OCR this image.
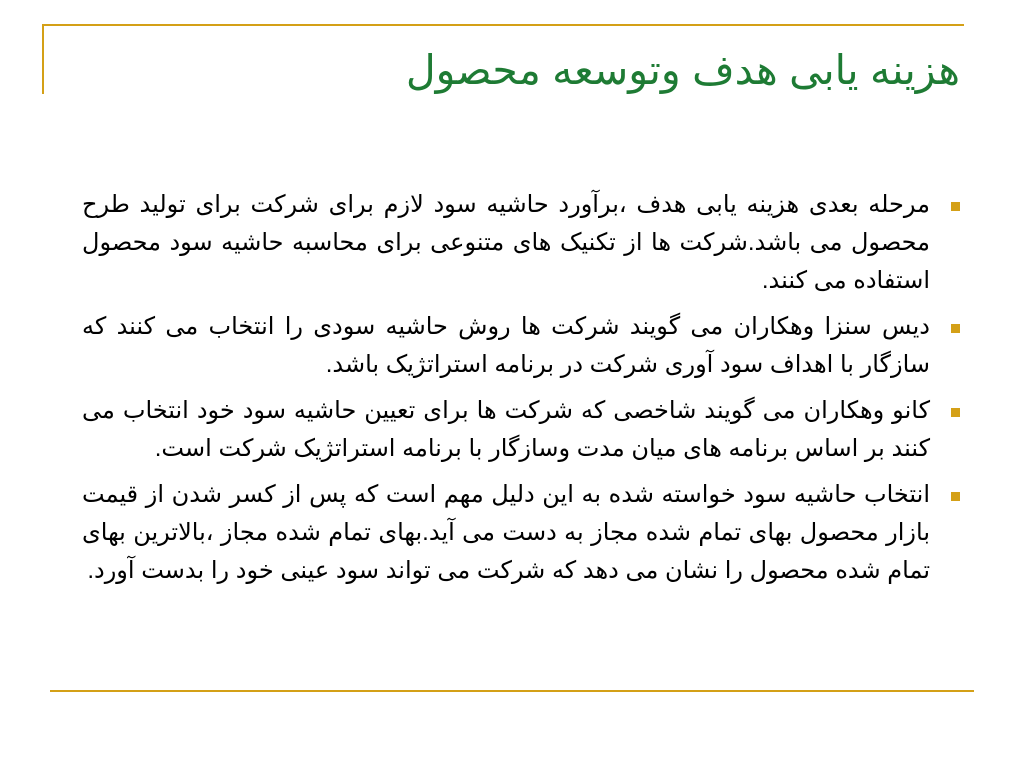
هزینه یابی هدف وتوسعه محصول
مرحله بعدی هزینه یابی هدف ،برآورد حاشیه سود لازم برای شرکت برای تولید طرح محصول می باشد.شرکت ها از تکنیک های متنوعی برای محاسبه حاشیه سود محصول استفاده می کنند.
دیس سنزا وهکاران می گویند شرکت ها روش حاشیه سودی را انتخاب می کنند که سازگار با اهداف سود آوری شرکت در برنامه استراتژیک باشد.
کانو وهکاران می گویند شاخصی که شرکت ها برای تعیین حاشیه سود خود انتخاب می کنند بر اساس برنامه های میان مدت وسازگار با برنامه استراتژیک شرکت است.
انتخاب حاشیه سود خواسته شده به این دلیل مهم است که پس از کسر شدن از قیمت بازار محصول بهای تمام شده مجاز به دست می آید.بهای تمام شده مجاز ،بالاترین بهای تمام شده محصول را نشان می دهد که شرکت می تواند سود عینی خود را بدست آورد.
